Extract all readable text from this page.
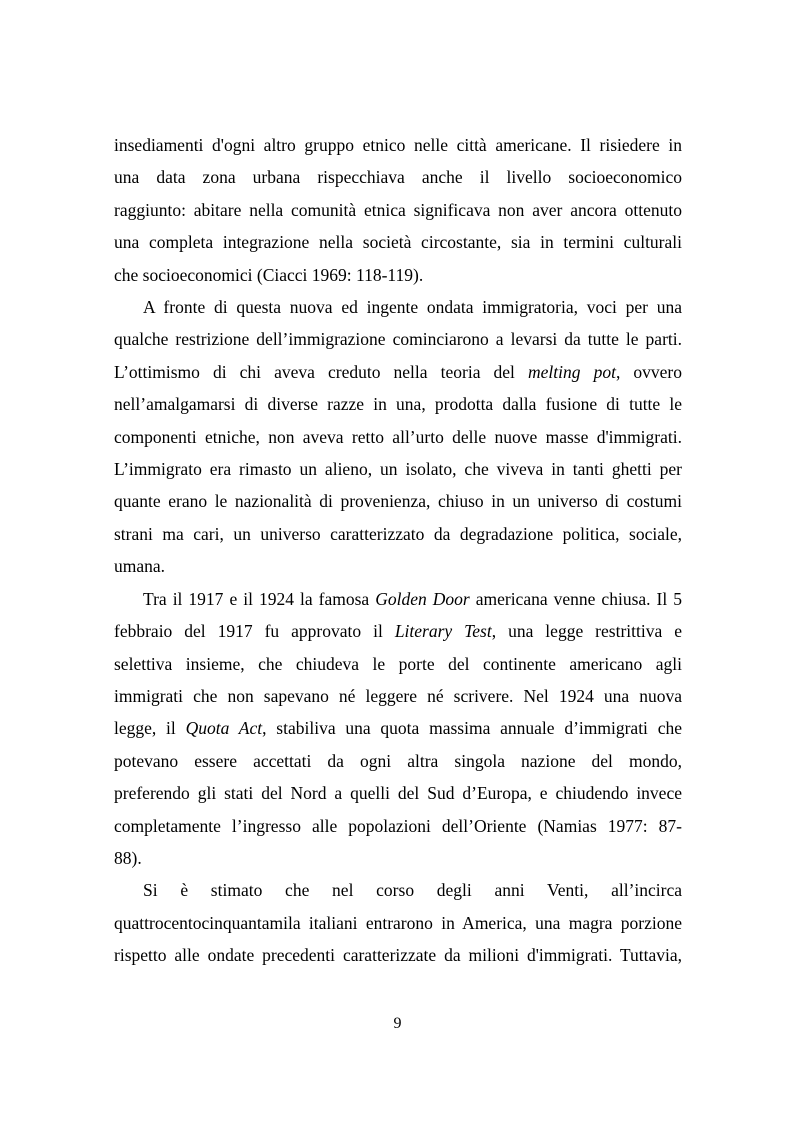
insediamenti d'ogni altro gruppo etnico nelle città americane. Il risiedere in
una data zona urbana rispecchiava anche il livello socioeconomico
raggiunto: abitare nella comunità etnica significava non aver ancora ottenuto
una completa integrazione nella società circostante, sia in termini culturali
che socioeconomici (Ciacci 1969: 118-119).
A fronte di questa nuova ed ingente ondata immigratoria, voci per una
qualche restrizione dell’immigrazione cominciarono a levarsi da tutte le parti.
L’ottimismo di chi aveva creduto nella teoria del melting pot, ovvero
nell’amalgamarsi di diverse razze in una, prodotta dalla fusione di tutte le
componenti etniche, non aveva retto all’urto delle nuove masse d'immigrati.
L’immigrato era rimasto un alieno, un isolato, che viveva in tanti ghetti per
quante erano le nazionalità di provenienza, chiuso in un universo di costumi
strani ma cari, un universo caratterizzato da degradazione politica, sociale,
umana.
Tra il 1917 e il 1924 la famosa Golden Door americana venne chiusa. Il 5
febbraio del 1917 fu approvato il Literary Test, una legge restrittiva e
selettiva insieme, che chiudeva le porte del continente americano agli
immigrati che non sapevano né leggere né scrivere. Nel 1924 una nuova
legge, il Quota Act, stabiliva una quota massima annuale d’immigrati che
potevano essere accettati da ogni altra singola nazione del mondo,
preferendo gli stati del Nord a quelli del Sud d’Europa, e chiudendo invece
completamente l’ingresso alle popolazioni dell’Oriente (Namias 1977: 87-
88).
Si è stimato che nel corso degli anni Venti, all’incirca
quattrocentocinquantamila italiani entrarono in America, una magra porzione
rispetto alle ondate precedenti caratterizzate da milioni d'immigrati. Tuttavia,
9
